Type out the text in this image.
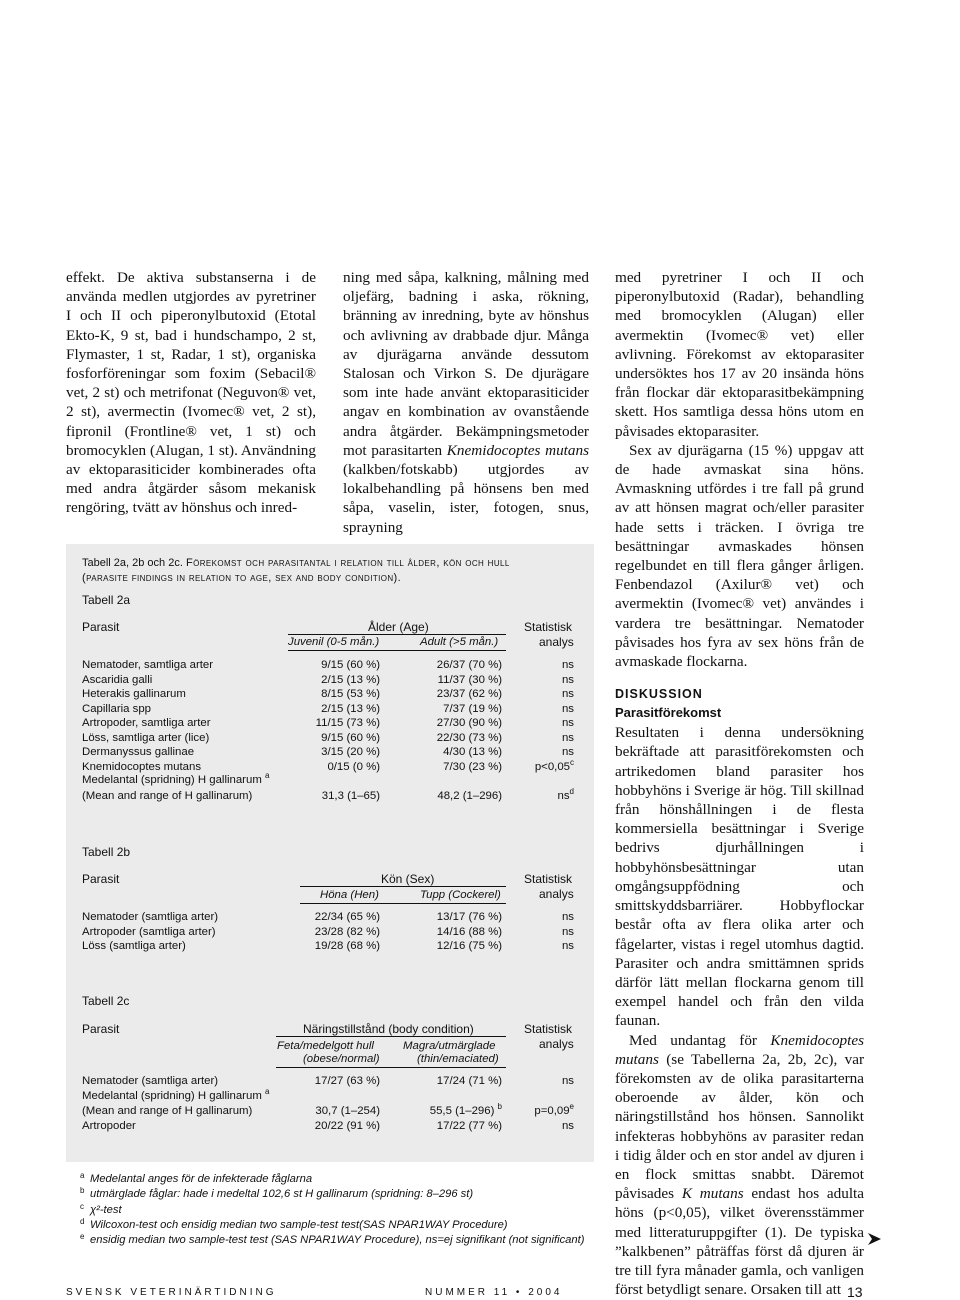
effekt. De aktiva substanserna i de använda medlen utgjordes av pyretriner I och II och piperonylbutoxid (Etotal Ekto-K, 9 st, bad i hundschampo, 2 st, Flymaster, 1 st, Radar, 1 st), organiska fosforföreningar som foxim (Sebacil® vet, 2 st) och metrifonat (Neguvon® vet, 2 st), avermectin (Ivomec® vet, 2 st), fipronil (Frontline® vet, 1 st) och bromocyklen (Alugan, 1 st). Användning av ektoparasiticider kombinerades ofta med andra åtgärder såsom mekanisk rengöring, tvätt av hönshus och inred-

ning med såpa, kalkning, målning med oljefärg, badning i aska, rökning, bränning av inredning, byte av hönshus och avlivning av drabbade djur. Många av djurägarna använde dessutom Stalosan och Virkon S. De djurägare som inte hade använt ektoparasiticider angav en kombination av ovanstående andra åtgärder. Bekämpningsmetoder mot parasitarten Knemidocoptes mutans (kalkben/fotskabb) utgjordes av lokalbehandling på hönsens ben med såpa, vaselin, ister, fotogen, snus, sprayning

med pyretriner I och II och piperonylbutoxid (Radar), behandling med bromocyklen (Alugan) eller avermektin (Ivomec® vet) eller avlivning. Förekomst av ektoparasiter undersöktes hos 17 av 20 insända höns från flockar där ektoparasitbekämpning skett. Hos samtliga dessa höns utom en påvisades ektoparasiter.

Sex av djurägarna (15 %) uppgav att de hade avmaskat sina höns. Avmaskning utfördes i tre fall på grund av att hönsen magrat och/eller parasiter hade setts i träcken. I övriga tre besättningar avmaskades hönsen regelbundet en till flera gånger årligen. Fenbendazol (Axilur® vet) och avermektin (Ivomec® vet) användes i vardera tre besättningar. Nematoder påvisades hos fyra av sex höns från de avmaskade flockarna.

DISKUSSION

Parasitförekomst

Resultaten i denna undersökning bekräftade att parasitförekomsten och artrikedomen bland parasiter hos hobbyhöns i Sverige är hög. Till skillnad från hönshållningen i de flesta kommersiella besättningar i Sverige bedrivs djurhållningen i hobbyhönsbesättningar utan omgångsuppfödning och smittskyddsbarriärer. Hobbyflockar består ofta av flera olika arter och fågelarter, vistas i regel utomhus dagtid. Parasiter och andra smittämnen sprids därför lätt mellan flockarna genom till exempel handel och från den vilda faunan.

Med undantag för Knemidocoptes mutans (se Tabellerna 2a, 2b, 2c), var förekomsten av de olika parasitarterna oberoende av ålder, kön och näringstillstånd hos hönsen. Sannolikt infekteras hobbyhöns av parasiter redan i tidig ålder och en stor andel av djuren i en flock smittas snabbt. Däremot påvisades K mutans endast hos adulta höns (p<0,05), vilket överensstämmer med litteraturuppgifter (1). De typiska ”kalkbenen” påträffas först då djuren är tre till fyra månader gamla, och vanligen först betydligt senare. Orsaken till att

Tabell 2a, 2b och 2c. Förekomst och parasitantal i relation till ålder, kön och hull
(parasite findings in relation to age, sex and body condition).
Tabell 2a
Parasit	Ålder (Age)
Juvenil (0-5 mån.)	Adult (>5 mån.)
Statistisk
analys
Nematoder, samtliga arter	9/15 (60 %)	26/37 (70 %)	ns
Ascaridia galli	2/15 (13 %)	11/37 (30 %)	ns
Heterakis gallinarum	8/15 (53 %)	23/37 (62 %)	ns
Capillaria spp	2/15 (13 %)	7/37 (19 %)	ns
Artropoder, samtliga arter	11/15 (73 %)	27/30 (90 %)	ns
Löss, samtliga arter (lice)	9/15 (60 %)	22/30 (73 %)	ns
Dermanyssus gallinae	3/15 (20 %)	4/30 (13 %)	ns
Knemidocoptes mutans	0/15 (0 %)	7/30 (23 %)	p<0,05$^c$
Medelantal (spridning) H gallinarum $^a$
(Mean and range of H gallinarum)	31,3 (1–65)	48,2 (1–296)	$ns^d$
Tabell 2b
Parasit	Kön (Sex)
Höna (Hen)	Tupp (Cockerel)
Statistisk
analys
Nematoder (samtliga arter)	22/34 (65 %)	13/17 (76 %)	ns
Artropoder (samtliga arter)	23/28 (82 %)	14/16 (88 %)	ns
Löss (samtliga arter)	19/28 (68 %)	12/16 (75 %)	ns
Tabell 2c
Parasit	Näringstillstånd (body condition)
Feta/medelgott hull
(obese/normal)
Magra/utmärglade
(thin/emaciated)
Statistisk
analys
Nematoder (samtliga arter)	17/27 (63 %)	17/24 (71 %)	ns
Medelantal (spridning) H gallinarum $^a$
(Mean and range of H gallinarum)	30,7 (1–254)	55,5 (1–296) $^b$	p=0,09$^e$
Artropoder	20/22 (91 %)	17/22 (77 %)	ns
a Medelantal anges för de infekterade fåglarna
b utmärglade fåglar: hade i medeltal 102,6 st H gallinarum (spridning: 8–296 st)
c χ²-test
d Wilcoxon-test och ensidig median two sample-test test(SAS NPAR1WAY Procedure)
e ensidig median two sample-test test (SAS NPAR1WAY Procedure), ns=ej signifikant (not significant)
SVENSK VETERINÄRTIDNING	NUMMER 11 • 2004	13
